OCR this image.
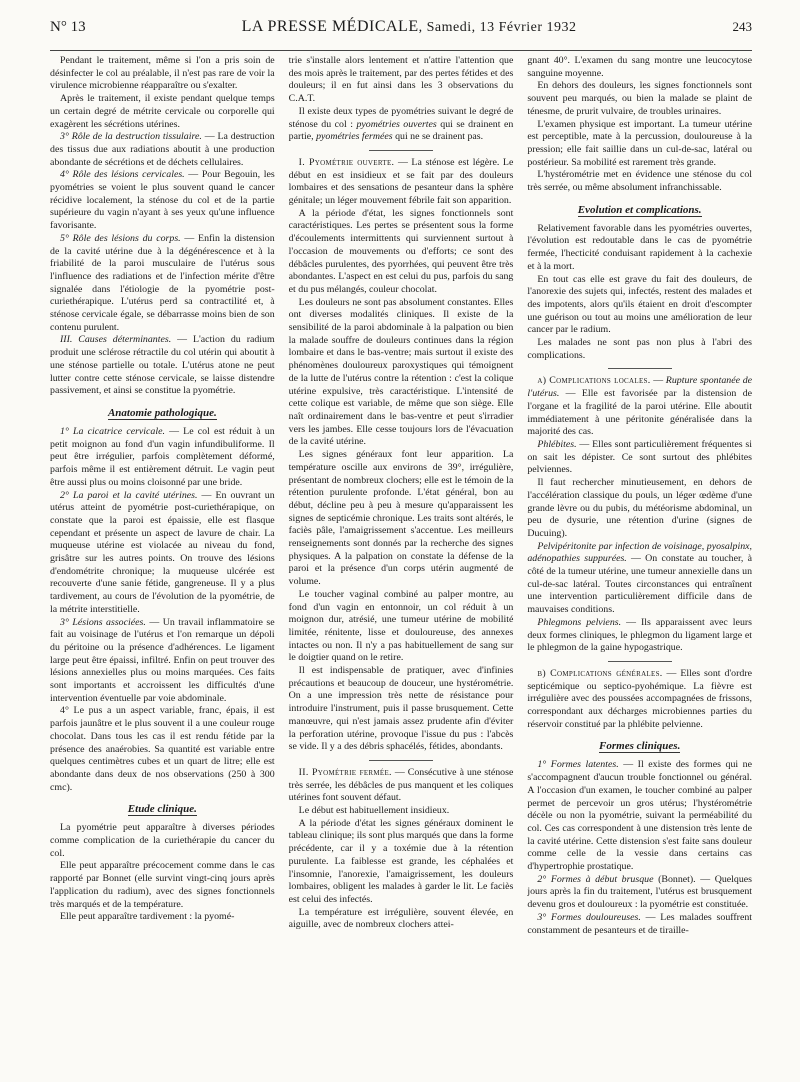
N° 13	LA PRESSE MÉDICALE, Samedi, 13 Février 1932	243

Pendant le traitement, même si l'on a pris soin de désinfecter le col au préalable, il n'est pas rare de voir la virulence microbienne réapparaître ou s'exalter.

Après le traitement, il existe pendant quelque temps un certain degré de métrite cervicale ou corporelle qui exagèrent les sécrétions utérines.

3° Rôle de la destruction tissulaire. — La destruction des tissus due aux radiations aboutit à une production abondante de sécrétions et de déchets cellulaires.

4° Rôle des lésions cervicales. — Pour Begouin, les pyométries se voient le plus souvent quand le cancer récidive localement, la sténose du col et de la partie supérieure du vagin n'ayant à ses yeux qu'une influence favorisante.

5° Rôle des lésions du corps. — Enfin la distension de la cavité utérine due à la dégénérescence et à la friabilité de la paroi musculaire de l'utérus sous l'influence des radiations et de l'infection mérite d'être signalée dans l'étiologie de la pyométrie post-curiethérapique. L'utérus perd sa contractilité et, à sténose cervicale égale, se débarrasse moins bien de son contenu purulent.

III. Causes déterminantes. — L'action du radium produit une sclérose rétractile du col utérin qui aboutit à une sténose partielle ou totale. L'utérus atone ne peut lutter contre cette sténose cervicale, se laisse distendre passivement, et ainsi se constitue la pyométrie.

Anatomie pathologique.

1° La cicatrice cervicale. — Le col est réduit à un petit moignon au fond d'un vagin infundibuliforme. Il peut être irrégulier, parfois complètement déformé, parfois même il est entièrement détruit. Le vagin peut être aussi plus ou moins cloisonné par une bride.

2° La paroi et la cavité utérines. — En ouvrant un utérus atteint de pyométrie post-curiethérapique, on constate que la paroi est épaissie, elle est flasque cependant et présente un aspect de lavure de chair. La muqueuse utérine est violacée au niveau du fond, grisâtre sur les autres points. On trouve des lésions d'endométrite chronique; la muqueuse ulcérée est recouverte d'une sanie fétide, gangreneuse. Il y a plus tardivement, au cours de l'évolution de la pyométrie, de la métrite interstitielle.

3° Lésions associées. — Un travail inflammatoire se fait au voisinage de l'utérus et l'on remarque un dépoli du péritoine ou la présence d'adhérences. Le ligament large peut être épaissi, infiltré. Enfin on peut trouver des lésions annexielles plus ou moins marquées. Ces faits sont importants et accroissent les difficultés d'une intervention éventuelle par voie abdominale.

4° Le pus a un aspect variable, franc, épais, il est parfois jaunâtre et le plus souvent il a une couleur rouge chocolat. Dans tous les cas il est rendu fétide par la présence des anaérobies. Sa quantité est variable entre quelques centimètres cubes et un quart de litre; elle est abondante dans deux de nos observations (250 à 300 cmc).

Etude clinique.

La pyométrie peut apparaître à diverses périodes comme complication de la curiethérapie du cancer du col.

Elle peut apparaître précocement comme dans le cas rapporté par Bonnet (elle survint vingt-cinq jours après l'application du radium), avec des signes fonctionnels très marqués et de la température.

Elle peut apparaître tardivement : la pyomé-

trie s'installe alors lentement et n'attire l'attention que des mois après le traitement, par des pertes fétides et des douleurs; il en fut ainsi dans les 3 observations du C.A.T.

Il existe deux types de pyométries suivant le degré de sténose du col : pyométries ouvertes qui se drainent en partie, pyométries fermées qui ne se drainent pas.

I. Pyométrie ouverte. — La sténose est légère. Le début en est insidieux et se fait par des douleurs lombaires et des sensations de pesanteur dans la sphère génitale; un léger mouvement fébrile fait son apparition.

A la période d'état, les signes fonctionnels sont caractéristiques. Les pertes se présentent sous la forme d'écoulements intermittents qui surviennent surtout à l'occasion de mouvements ou d'efforts; ce sont des débâcles purulentes, des pyorrhées, qui peuvent être très abondantes. L'aspect en est celui du pus, parfois du sang et du pus mélangés, couleur chocolat.

Les douleurs ne sont pas absolument constantes. Elles ont diverses modalités cliniques. Il existe de la sensibilité de la paroi abdominale à la palpation ou bien la malade souffre de douleurs continues dans la région lombaire et dans le bas-ventre; mais surtout il existe des phénomènes douloureux paroxystiques qui témoignent de la lutte de l'utérus contre la rétention : c'est la colique utérine expulsive, très caractéristique. L'intensité de cette colique est variable, de même que son siège. Elle naît ordinairement dans le bas-ventre et peut s'irradier vers les jambes. Elle cesse toujours lors de l'évacuation de la cavité utérine.

Les signes généraux font leur apparition. La température oscille aux environs de 39°, irrégulière, présentant de nombreux clochers; elle est le témoin de la rétention purulente profonde. L'état général, bon au début, décline peu à peu à mesure qu'apparaissent les signes de septicémie chronique. Les traits sont altérés, le faciès pâle, l'amaigrissement s'accentue. Les meilleurs renseignements sont donnés par la recherche des signes physiques. A la palpation on constate la défense de la paroi et la présence d'un corps utérin augmenté de volume.

Le toucher vaginal combiné au palper montre, au fond d'un vagin en entonnoir, un col réduit à un moignon dur, atrésié, une tumeur utérine de mobilité limitée, rénitente, lisse et douloureuse, des annexes intactes ou non. Il n'y a pas habituellement de sang sur le doigtier quand on le retire.

Il est indispensable de pratiquer, avec d'infinies précautions et beaucoup de douceur, une hystérométrie. On a une impression très nette de résistance pour introduire l'instrument, puis il passe brusquement. Cette manœuvre, qui n'est jamais assez prudente afin d'éviter la perforation utérine, provoque l'issue du pus : l'abcès se vide. Il y a des débris sphacélés, fétides, abondants.

II. Pyométrie fermée. — Consécutive à une sténose très serrée, les débâcles de pus manquent et les coliques utérines font souvent défaut.

Le début est habituellement insidieux.

A la période d'état les signes généraux dominent le tableau clinique; ils sont plus marqués que dans la forme précédente, car il y a toxémie due à la rétention purulente. La faiblesse est grande, les céphalées et l'insomnie, l'anorexie, l'amaigrissement, les douleurs lombaires, obligent les malades à garder le lit. Le faciès est celui des infectés.

La température est irrégulière, souvent élevée, en aiguille, avec de nombreux clochers attei-

gnant 40°. L'examen du sang montre une leucocytose sanguine moyenne.

En dehors des douleurs, les signes fonctionnels sont souvent peu marqués, ou bien la malade se plaint de ténesme, de prurit vulvaire, de troubles urinaires.

L'examen physique est important. La tumeur utérine est perceptible, mate à la percussion, douloureuse à la pression; elle fait saillie dans un cul-de-sac, latéral ou postérieur. Sa mobilité est rarement très grande.

L'hystérométrie met en évidence une sténose du col très serrée, ou même absolument infranchissable.

Evolution et complications.

Relativement favorable dans les pyométries ouvertes, l'évolution est redoutable dans le cas de pyométrie fermée, l'hecticité conduisant rapidement à la cachexie et à la mort.

En tout cas elle est grave du fait des douleurs, de l'anorexie des sujets qui, infectés, restent des malades et des impotents, alors qu'ils étaient en droit d'escompter une guérison ou tout au moins une amélioration de leur cancer par le radium.

Les malades ne sont pas non plus à l'abri des complications.

a) Complications locales. — Rupture spontanée de l'utérus. — Elle est favorisée par la distension de l'organe et la fragilité de la paroi utérine. Elle aboutit immédiatement à une péritonite généralisée dans la majorité des cas.

Phlébites. — Elles sont particulièrement fréquentes si on sait les dépister. Ce sont surtout des phlébites pelviennes.

Il faut rechercher minutieusement, en dehors de l'accélération classique du pouls, un léger œdème d'une grande lèvre ou du pubis, du météorisme abdominal, un peu de dysurie, une rétention d'urine (signes de Ducuing).

Pelvipéritonite par infection de voisinage, pyosalpinx, adénopathies suppurées. — On constate au toucher, à côté de la tumeur utérine, une tumeur annexielle dans un cul-de-sac latéral. Toutes circonstances qui entraînent une intervention particulièrement difficile dans de mauvaises conditions.

Phlegmons pelviens. — Ils apparaissent avec leurs deux formes cliniques, le phlegmon du ligament large et le phlegmon de la gaine hypogastrique.

b) Complications générales. — Elles sont d'ordre septicémique ou septico-pyohémique. La fièvre est irrégulière avec des poussées accompagnées de frissons, correspondant aux décharges microbiennes parties du réservoir constitué par la phlébite pelvienne.

Formes cliniques.

1° Formes latentes. — Il existe des formes qui ne s'accompagnent d'aucun trouble fonctionnel ou général. A l'occasion d'un examen, le toucher combiné au palper permet de percevoir un gros utérus; l'hystérométrie décèle ou non la pyométrie, suivant la perméabilité du col. Ces cas correspondent à une distension très lente de la cavité utérine. Cette distension s'est faite sans douleur comme celle de la vessie dans certains cas d'hypertrophie prostatique.

2° Formes à début brusque (Bonnet). — Quelques jours après la fin du traitement, l'utérus est brusquement devenu gros et douloureux : la pyométrie est constituée.

3° Formes douloureuses. — Les malades souffrent constamment de pesanteurs et de tiraille-
